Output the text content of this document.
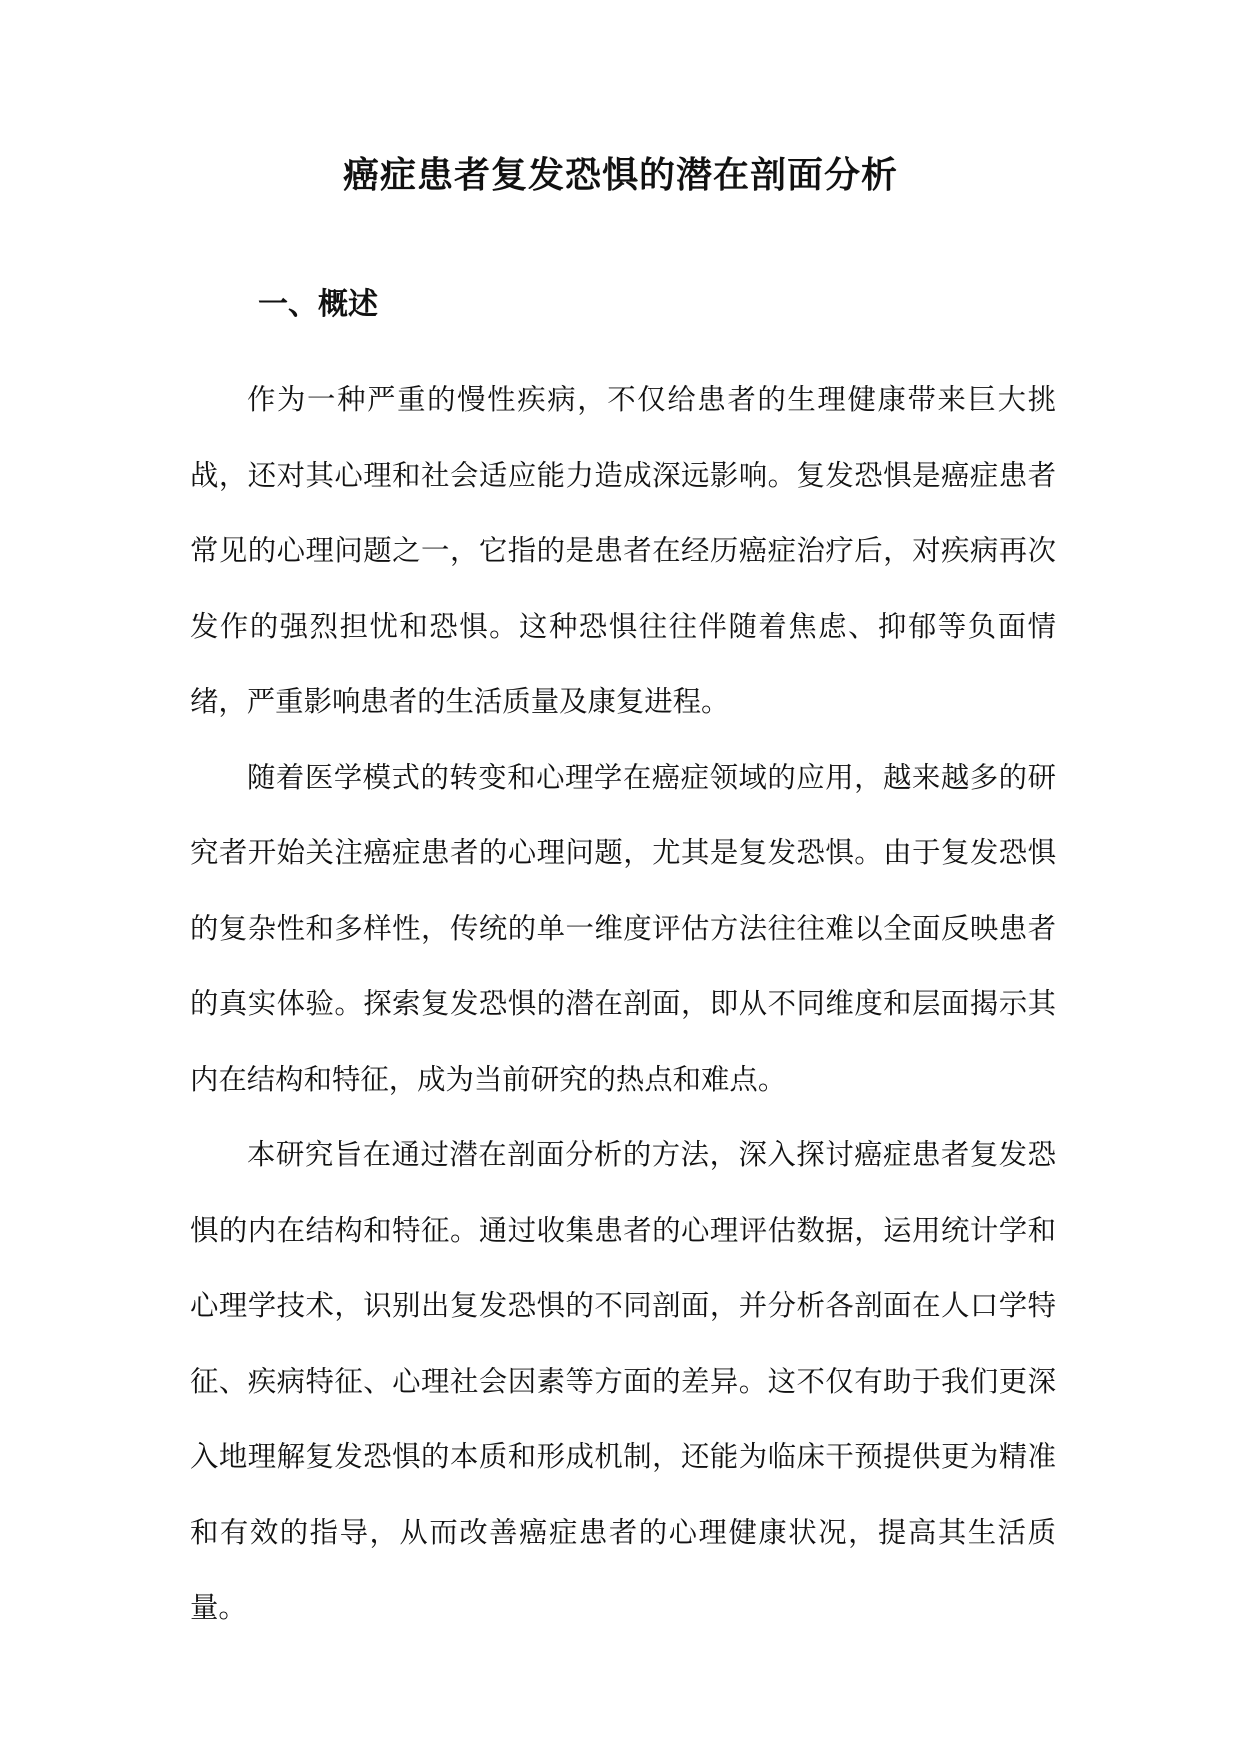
癌症患者复发恐惧的潜在剖面分析
一、概述

作为一种严重的慢性疾病，不仅给患者的生理健康带来巨大挑战，还对其心理和社会适应能力造成深远影响。复发恐惧是癌症患者常见的心理问题之一，它指的是患者在经历癌症治疗后，对疾病再次发作的强烈担忧和恐惧。这种恐惧往往伴随着焦虑、抑郁等负面情绪，严重影响患者的生活质量及康复进程。

随着医学模式的转变和心理学在癌症领域的应用，越来越多的研究者开始关注癌症患者的心理问题，尤其是复发恐惧。由于复发恐惧的复杂性和多样性，传统的单一维度评估方法往往难以全面反映患者的真实体验。探索复发恐惧的潜在剖面，即从不同维度和层面揭示其内在结构和特征，成为当前研究的热点和难点。

本研究旨在通过潜在剖面分析的方法，深入探讨癌症患者复发恐惧的内在结构和特征。通过收集患者的心理评估数据，运用统计学和心理学技术，识别出复发恐惧的不同剖面，并分析各剖面在人口学特征、疾病特征、心理社会因素等方面的差异。这不仅有助于我们更深入地理解复发恐惧的本质和形成机制，还能为临床干预提供更为精准和有效的指导，从而改善癌症患者的心理健康状况，提高其生活质量。
